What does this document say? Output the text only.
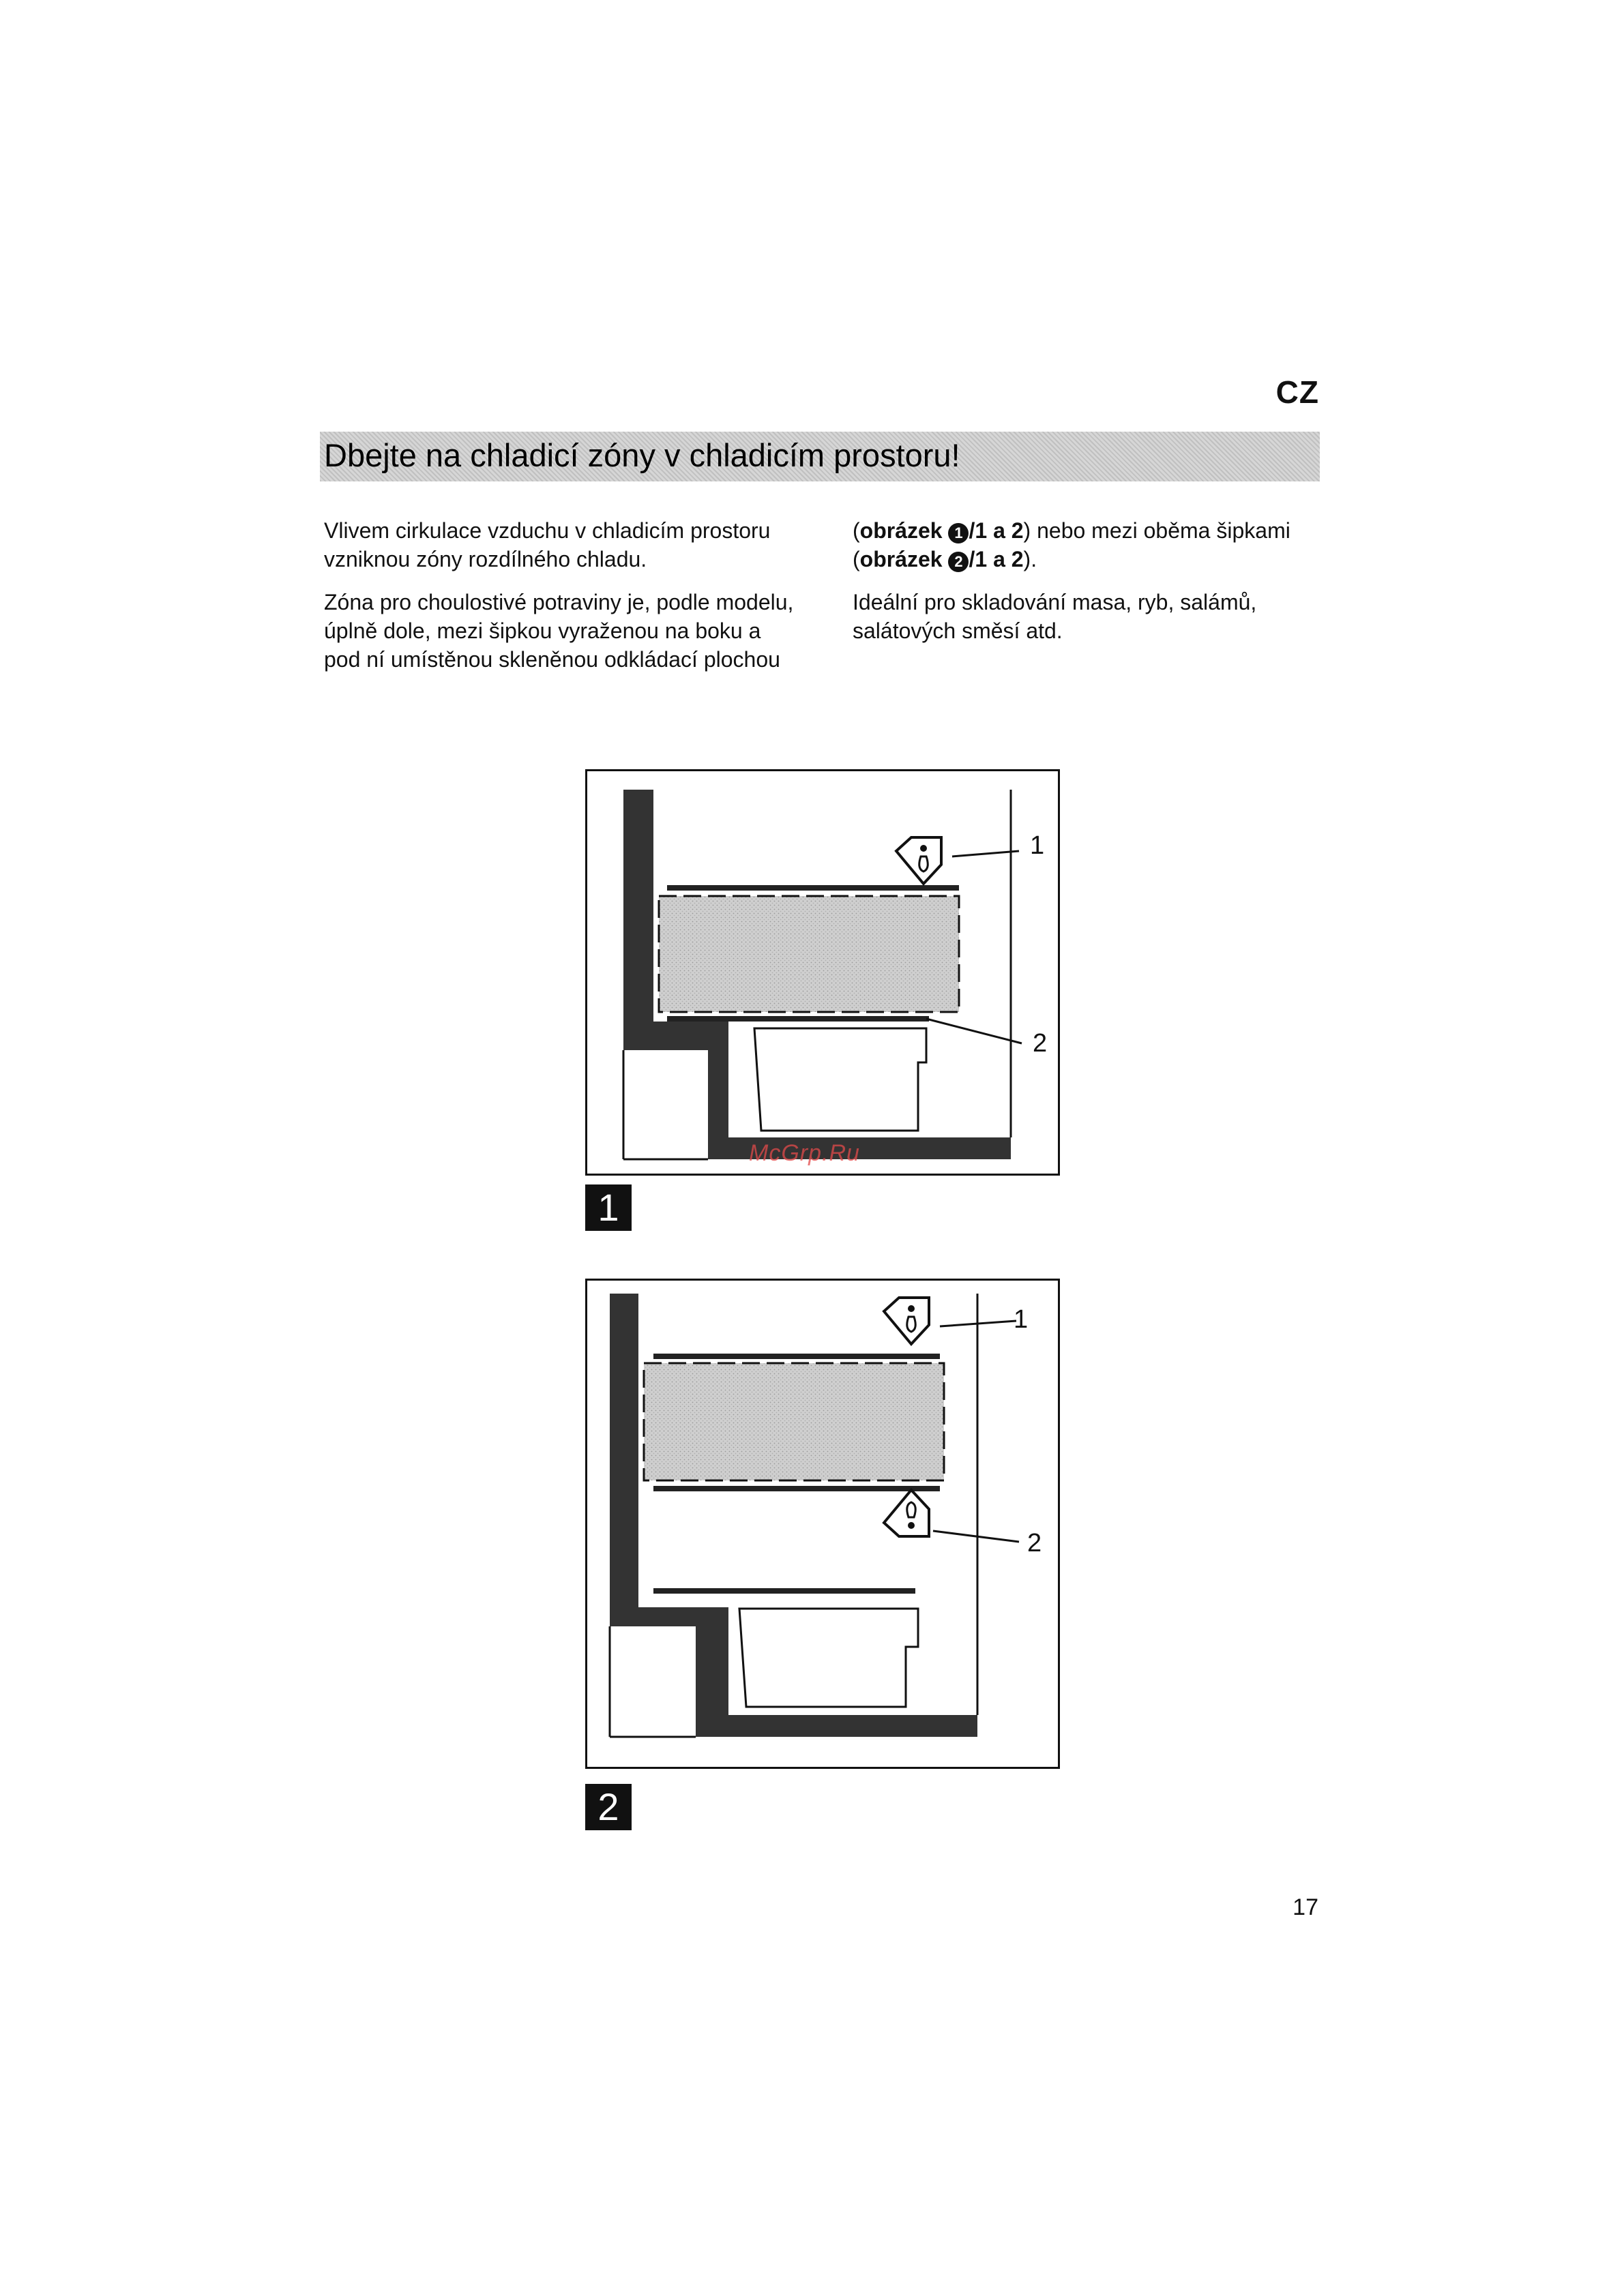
CZ
Dbejte na chladicí zóny v chladicím prostoru!

Vlivem cirkulace vzduchu v chladicím prostoru vzniknou zóny rozdílného chladu.

Zóna pro choulostivé potraviny je, podle modelu, úplně dole, mezi šipkou vyraženou na boku a pod ní umístěnou skleněnou odkládací plochou

(obrázek 1 /1 a 2) nebo mezi oběma šipkami
(obrázek 2 /1 a 2).

Ideální pro skladování masa, ryb, salámů, salátových směsí atd.

1
2
1
McGrp.Ru
1
2
2
17
